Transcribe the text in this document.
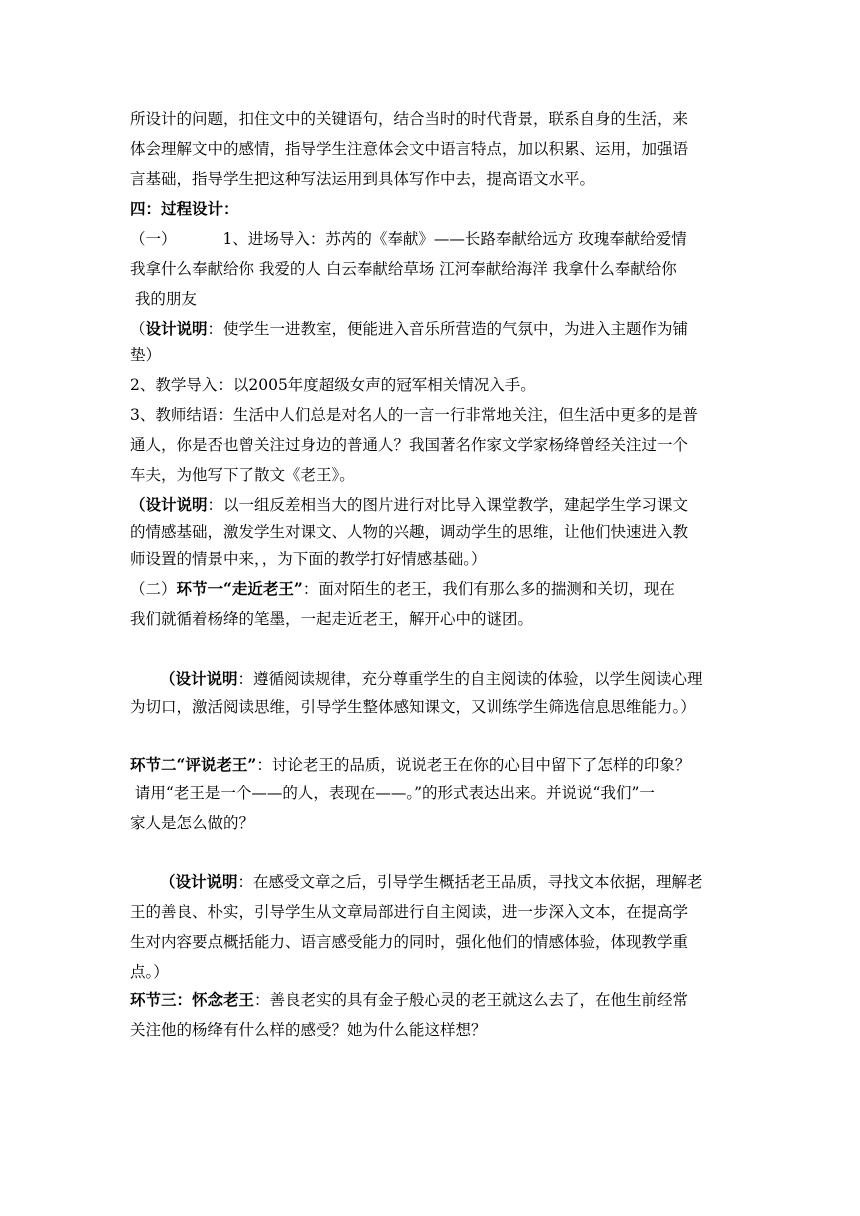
所设计的问题，扣住文中的关键语句，结合当时的时代背景，联系自身的生活，来
体会理解文中的感情，指导学生注意体会文中语言特点，加以积累、运用，加强语
言基础，指导学生把这种写法运用到具体写作中去，提高语文水平。
四：过程设计：
（一）	1、进场导入：苏芮的《奉献》——长路奉献给远方 玫瑰奉献给爱情
我拿什么奉献给你 我爱的人 白云奉献给草场 江河奉献给海洋 我拿什么奉献给你
我的朋友
（设计说明：使学生一进教室，便能进入音乐所营造的气氛中，为进入主题作为铺
垫）
2、教学导入：以2005年度超级女声的冠军相关情况入手。
3、教师结语：生活中人们总是对名人的一言一行非常地关注，但生活中更多的是普
通人，你是否也曾关注过身边的普通人？我国著名作家文学家杨绛曾经关注过一个
车夫，为他写下了散文《老王》。
（设计说明：以一组反差相当大的图片进行对比导入课堂教学，建起学生学习课文
的情感基础，激发学生对课文、人物的兴趣，调动学生的思维，让他们快速进入教
师设置的情景中来，，为下面的教学打好情感基础。）
（二）环节一“走近老王”：面对陌生的老王，我们有那么多的揣测和关切，现在
我们就循着杨绛的笔墨，一起走近老王，解开心中的谜团。
（设计说明：遵循阅读规律，充分尊重学生的自主阅读的体验，以学生阅读心理
为切口，激活阅读思维，引导学生整体感知课文，又训练学生筛选信息思维能力。）
环节二“评说老王”：讨论老王的品质，说说老王在你的心目中留下了怎样的印象？
请用“老王是一个——的人，表现在——。”的形式表达出来。并说说“我们”一
家人是怎么做的？
（设计说明：在感受文章之后，引导学生概括老王品质，寻找文本依据，理解老
王的善良、朴实，引导学生从文章局部进行自主阅读，进一步深入文本，在提高学
生对内容要点概括能力、语言感受能力的同时，强化他们的情感体验，体现教学重
点。）
环节三：怀念老王：善良老实的具有金子般心灵的老王就这么去了，在他生前经常
关注他的杨绛有什么样的感受？她为什么能这样想？
